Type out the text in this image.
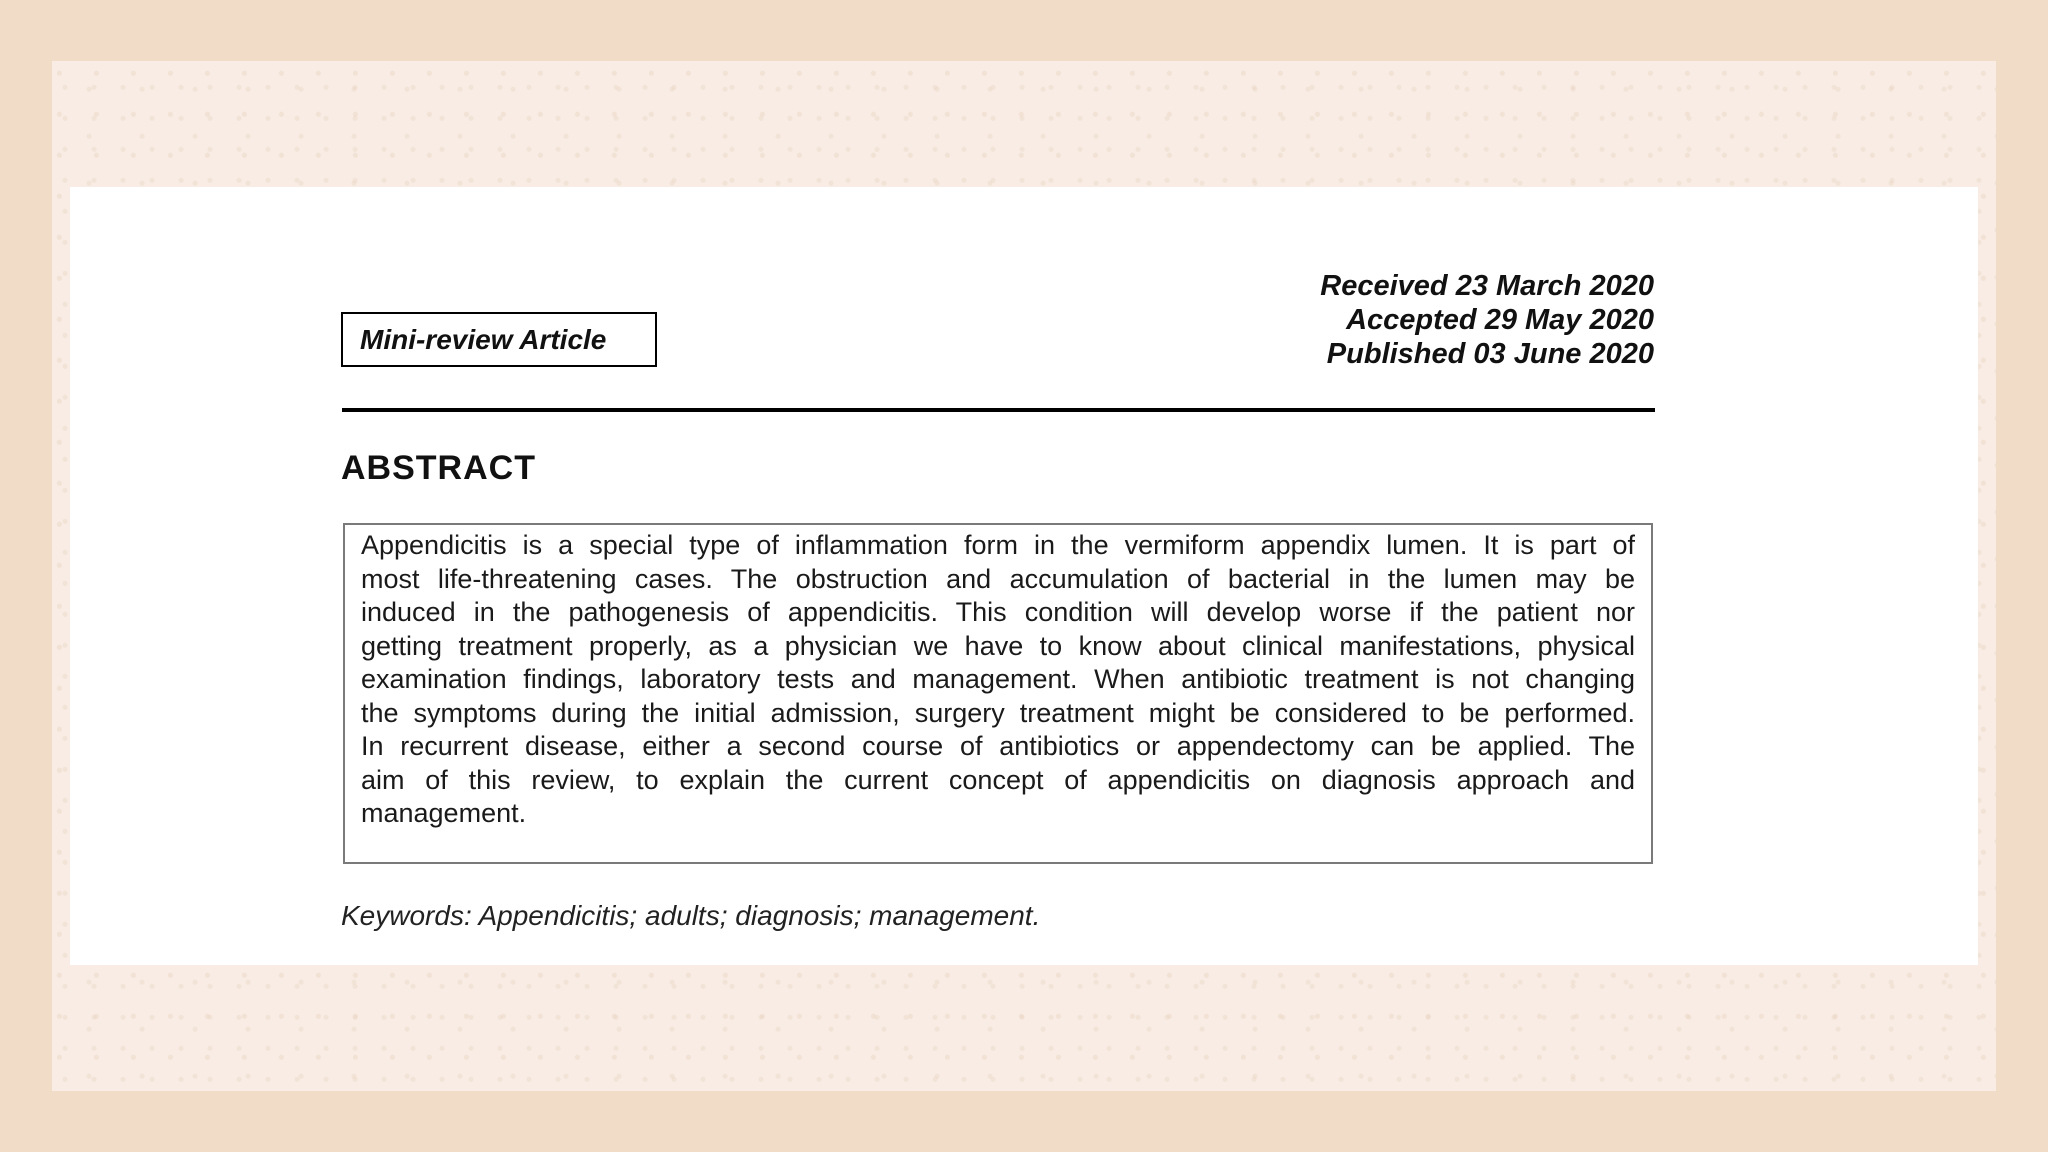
Mini-review Article
Received 23 March 2020
Accepted 29 May 2020
Published 03 June 2020
ABSTRACT
Appendicitis is a special type of inflammation form in the vermiform appendix lumen. It is part of
most life-threatening cases. The obstruction and accumulation of bacterial in the lumen may be
induced in the pathogenesis of appendicitis. This condition will develop worse if the patient nor
getting treatment properly, as a physician we have to know about clinical manifestations, physical
examination findings, laboratory tests and management. When antibiotic treatment is not changing
the symptoms during the initial admission, surgery treatment might be considered to be performed.
In recurrent disease, either a second course of antibiotics or appendectomy can be applied. The
aim of this review, to explain the current concept of appendicitis on diagnosis approach and
management.
Keywords: Appendicitis; adults; diagnosis; management.
